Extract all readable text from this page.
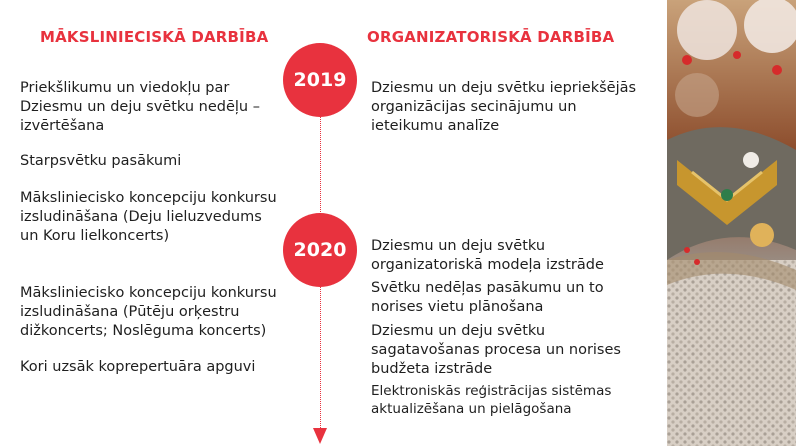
MĀKSLINIECISKĀ DARBĪBA	ORGANIZATORISKĀ DARBĪBA
2019
2020
Priekšlikumu un viedokļu par
Dziesmu un deju svētku nedēļu –
izvērtēšana
Starpsvētku pasākumi
Mākslinieciskо koncepciju konkursu
izsludināšana (Deju lieluzvedums
un Koru lielkoncerts)
Mākslinieciskо koncepciju konkursu
izsludināšana (Pūtēju orķestru
dižkoncerts; Noslēguma koncerts)
Kori uzsāk koprepertuāra apguvi
Dziesmu un deju svētku iepriekšējās
organizācijas secinājumu un
ieteikumu analīze
Dziesmu un deju svētku
organizatoriskā modeļa izstrāde
Svētku nedēļas pasākumu un to
norises vietu plānošana
Dziesmu un deju svētku
sagatavošanas procesa un norises
budžeta izstrāde
Elektroniskās reģistrācijas sistēmas
aktualizēšana un pielāgošana
